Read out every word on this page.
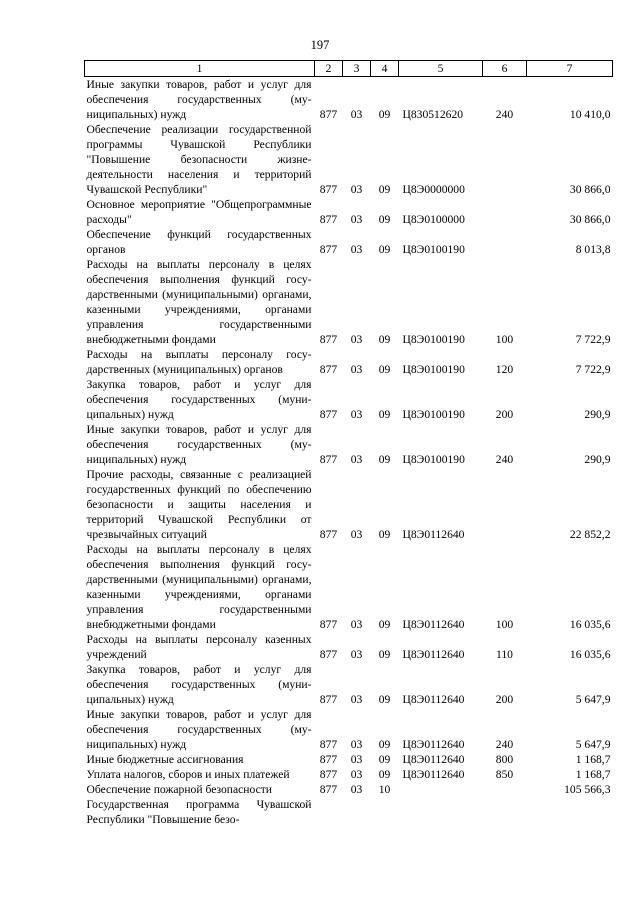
197
1	2	3	4	5	6	7
Иные закупки товаров, работ и услуг для обеспечения государственных (муниципальных) нужд	877	03	09	Ц830512620	240	10 410,0
Обеспечение реализации государственной программы Чувашской Республики "Повышение безопасности жизнедеятельности населения и территорий Чувашской Республики"	877	03	09	Ц8Э0000000		30 866,0
Основное мероприятие "Общепрограммные расходы"	877	03	09	Ц8Э0100000		30 866,0
Обеспечение функций государственных органов	877	03	09	Ц8Э0100190		8 013,8
Расходы на выплаты персоналу в целях обеспечения выполнения функций государственными (муниципальными) органами, казенными учреждениями, органами управления государственными внебюджетными фондами	877	03	09	Ц8Э0100190	100	7 722,9
Расходы на выплаты персоналу государственных (муниципальных) органов	877	03	09	Ц8Э0100190	120	7 722,9
Закупка товаров, работ и услуг для обеспечения государственных (муниципальных) нужд	877	03	09	Ц8Э0100190	200	290,9
Иные закупки товаров, работ и услуг для обеспечения государственных (муниципальных) нужд	877	03	09	Ц8Э0100190	240	290,9
Прочие расходы, связанные с реализацией государственных функций по обеспечению безопасности и защиты населения и территорий Чувашской Республики от чрезвычайных ситуаций	877	03	09	Ц8Э0112640		22 852,2
Расходы на выплаты персоналу в целях обеспечения выполнения функций государственными (муниципальными) органами, казенными учреждениями, органами управления государственными внебюджетными фондами	877	03	09	Ц8Э0112640	100	16 035,6
Расходы на выплаты персоналу казенных учреждений	877	03	09	Ц8Э0112640	110	16 035,6
Закупка товаров, работ и услуг для обеспечения государственных (муниципальных) нужд	877	03	09	Ц8Э0112640	200	5 647,9
Иные закупки товаров, работ и услуг для обеспечения государственных (муниципальных) нужд	877	03	09	Ц8Э0112640	240	5 647,9
Иные бюджетные ассигнования	877	03	09	Ц8Э0112640	800	1 168,7
Уплата налогов, сборов и иных платежей	877	03	09	Ц8Э0112640	850	1 168,7
Обеспечение пожарной безопасности	877	03	10			105 566,3
Государственная программа Чувашской Республики "Повышение безо-						
